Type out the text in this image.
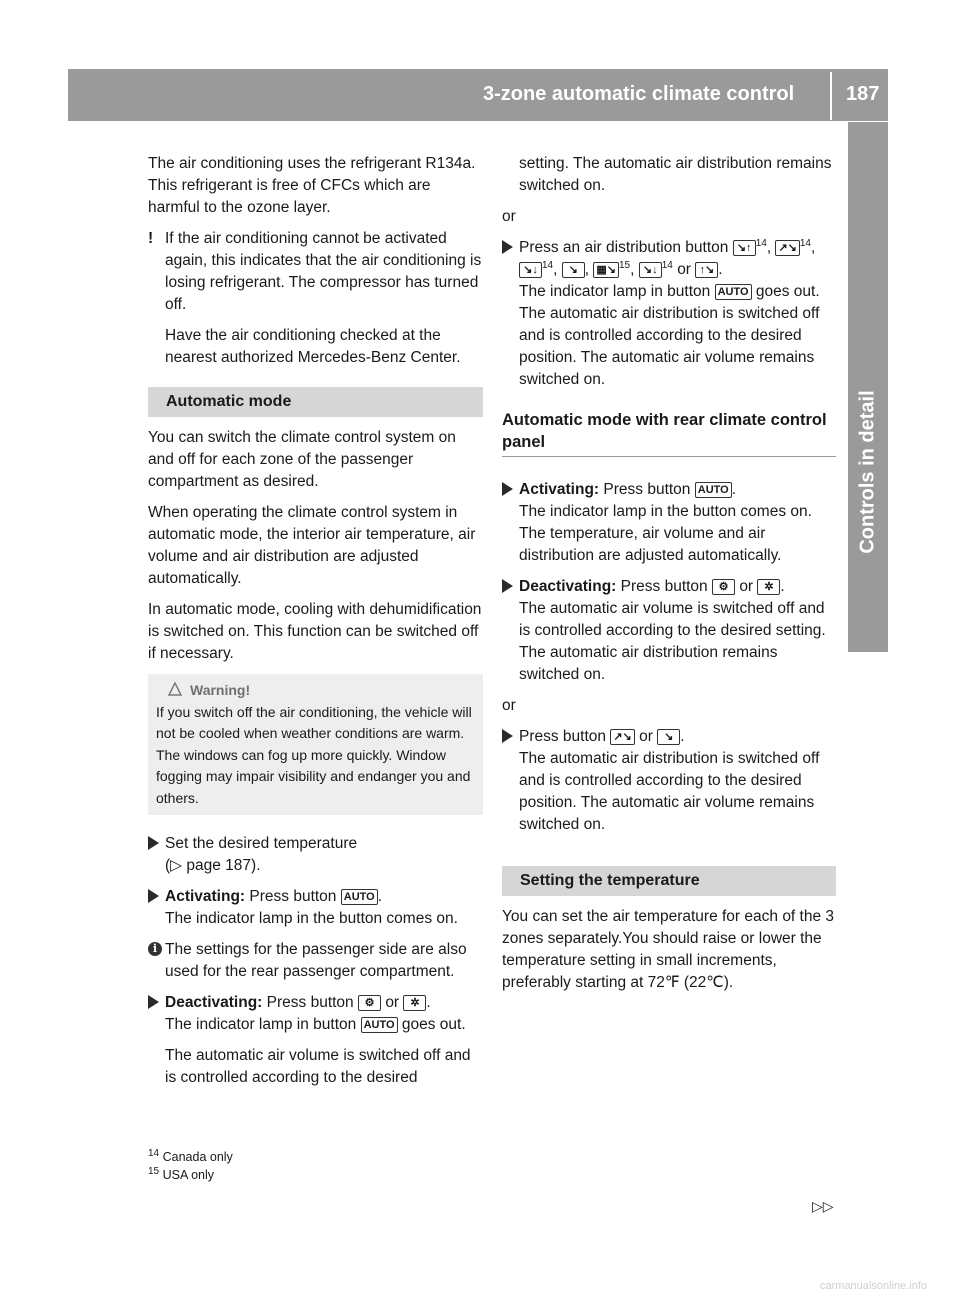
3-zone automatic climate control	187
Controls in detail

The air conditioning uses the refrigerant R134a. This refrigerant is free of CFCs which are harmful to the ozone layer.

! If the air conditioning cannot be activated again, this indicates that the air conditioning is losing refrigerant. The compressor has turned off.

Have the air conditioning checked at the nearest authorized Mercedes-Benz Center.

Automatic mode

You can switch the climate control system on and off for each zone of the passenger compartment as desired.

When operating the climate control system in automatic mode, the interior air temperature, air volume and air distribution are adjusted automatically.

In automatic mode, cooling with dehumidification is switched on. This function can be switched off if necessary.

Warning!
If you switch off the air conditioning, the vehicle will not be cooled when weather conditions are warm. The windows can fog up more quickly. Window fogging may impair visibility and endanger you and others.
Set the desired temperature
(▷ page 187).
Activating: Press button AUTO .
The indicator lamp in the button comes on.
i The settings for the passenger side are also used for the rear passenger compartment.

Deactivating: Press button ⚙ or ✲ .
The indicator lamp in button AUTO goes out.
The automatic air volume is switched off and is controlled according to the desired
setting. The automatic air distribution remains switched on.

or

Press an air distribution button ↘↑ $^{14}$, ↗↘ $^{14}$, ↘↓ $^{14}$, ↘ , ▦↘ $^{15}$, ↘↓ $^{14}$ or ↑↘ .
The indicator lamp in button AUTO goes out.
The automatic air distribution is switched off and is controlled according to the desired position. The automatic air volume remains switched on.
Automatic mode with rear climate control panel
Activating: Press button AUTO .
The indicator lamp in the button comes on. The temperature, air volume and air distribution are adjusted automatically.
Deactivating: Press button ⚙ or ✲ .
The automatic air volume is switched off and is controlled according to the desired setting. The automatic air distribution remains switched on.

or

Press button ↗↘ or ↘ .
The automatic air distribution is switched off and is controlled according to the desired position. The automatic air volume remains switched on.
Setting the temperature

You can set the air temperature for each of the 3 zones separately.You should raise or lower the temperature setting in small increments, preferably starting at 72℉ (22℃).

$^{14}$ Canada only
$^{15}$ USA only
▷▷
carmanualsonline.info
